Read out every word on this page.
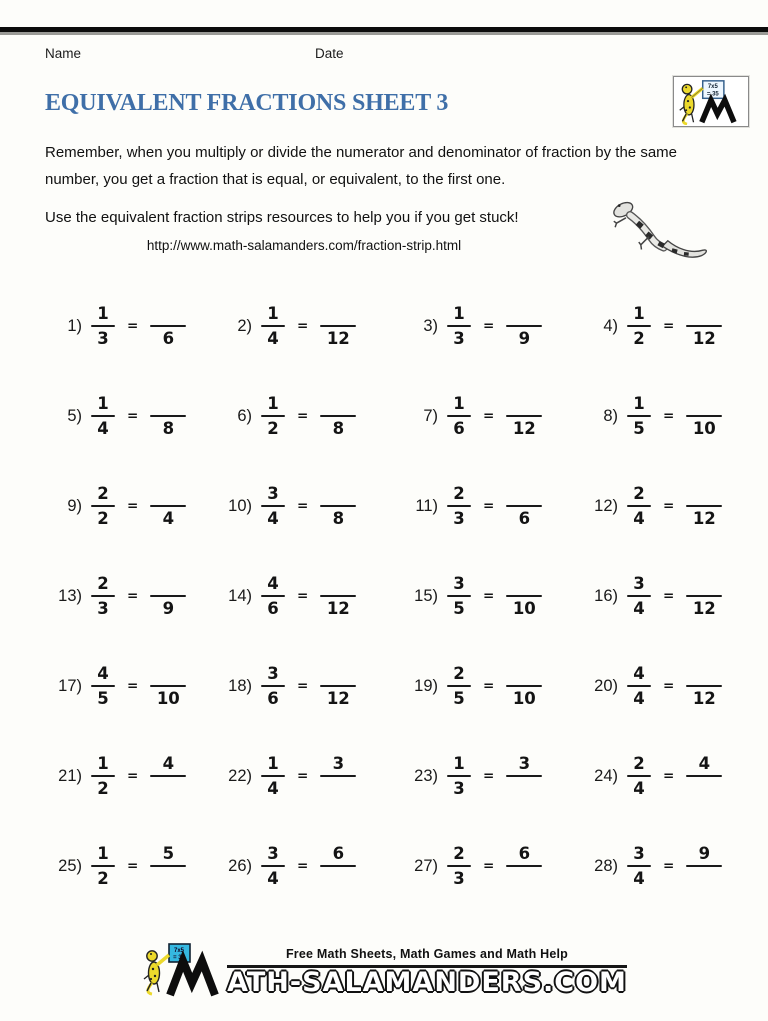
Name	Date
7x5
= 35
EQUIVALENT FRACTIONS SHEET 3

Remember, when you multiply or divide the numerator and denominator of fraction by the same number, you get a fraction that is equal, or equivalent, to the first one.

Use the equivalent fraction strips resources to help you if you get stuck!

http://www.math-salamanders.com/fraction-strip.html

$1) \frac{1}{3}$ =
6
$2) \frac{1}{4}$ =
12
$3) \frac{1}{3}$ =
9
$4) \frac{1}{2}$ =
12
$5) \frac{1}{4}$ =
8
$6) \frac{1}{2}$ =
8
$7) \frac{1}{6}$ =
12
$8) \frac{1}{5}$ =
10
$9) \frac{2}{2}$ =
4
$10) \frac{3}{4}$ =
8
$11) \frac{2}{3}$ =
6
$12) \frac{2}{4}$ =
12
$13) \frac{2}{3}$ =
9
$14) \frac{4}{6}$ =
12
$15) \frac{3}{5}$ =
10
$16) \frac{3}{4}$ =
12
$17) \frac{4}{5}$ =
10
$18) \frac{3}{6}$ =
12
$19) \frac{2}{5}$ =
10
$20) \frac{4}{4}$ =
12
$21) \frac{1}{2}$ =
4
$22) \frac{1}{4}$ =
3
$23) \frac{1}{3}$ =
3
$24) \frac{2}{4}$ =
4
$25) \frac{1}{2}$ =
5
$26) \frac{3}{4}$ =
6
$27) \frac{2}{3}$ =
6
$28) \frac{3}{4}$ =
9
7x5
= 35	Free Math Sheets, Math Games and Math Help
ATH-SALAMANDERS.COM
